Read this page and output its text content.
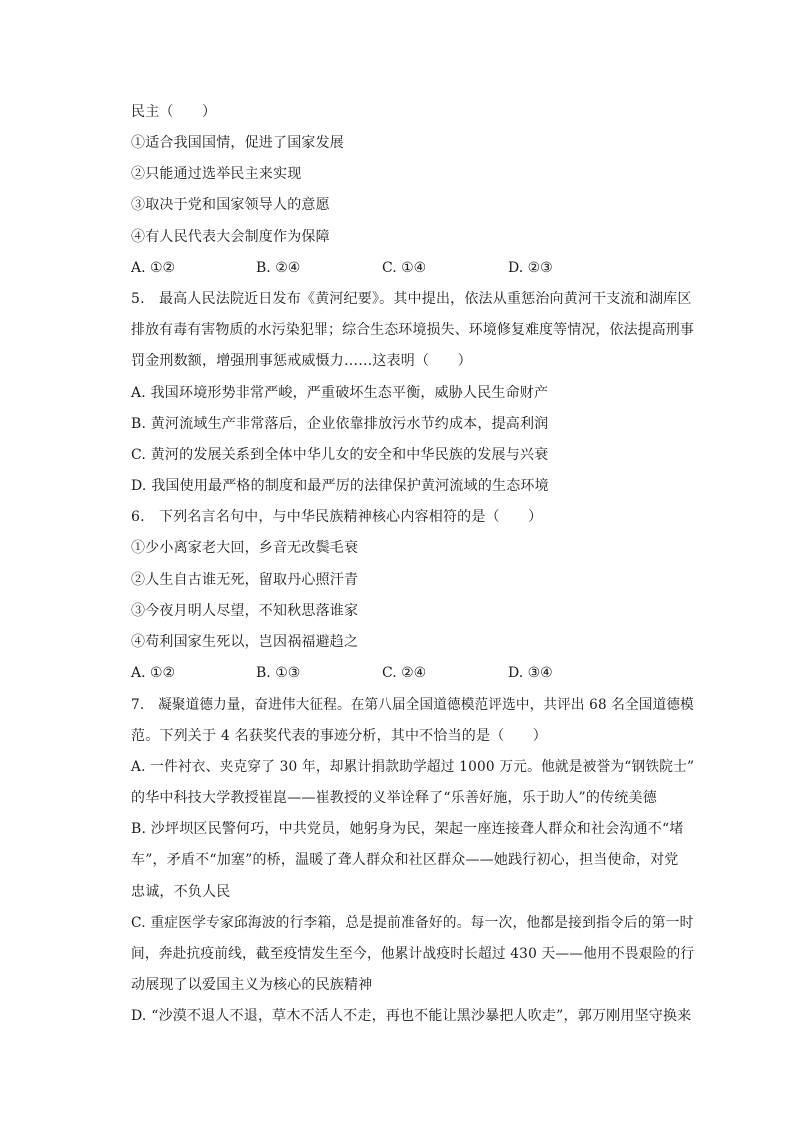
民主（　　）
①适合我国国情，促进了国家发展
②只能通过选举民主来实现
③取决于党和国家领导人的意愿
④有人民代表大会制度作为保障
A. ①②	B. ②④	C. ①④	D. ②③
5.　最高人民法院近日发布《黄河纪要》。其中提出，依法从重惩治向黄河干支流和湖库区
排放有毒有害物质的水污染犯罪；综合生态环境损失、环境修复难度等情况，依法提高刑事
罚金刑数额，增强刑事惩戒威慑力……这表明（　　）
A. 我国环境形势非常严峻，严重破坏生态平衡，威胁人民生命财产
B. 黄河流域生产非常落后，企业依靠排放污水节约成本，提高利润
C. 黄河的发展关系到全体中华儿女的安全和中华民族的发展与兴衰
D. 我国使用最严格的制度和最严厉的法律保护黄河流域的生态环境
6.　下列名言名句中，与中华民族精神核心内容相符的是（　　）
①少小离家老大回，乡音无改鬓毛衰
②人生自古谁无死，留取丹心照汗青
③今夜月明人尽望，不知秋思落谁家
④苟利国家生死以，岂因祸福避趋之
A. ①②	B. ①③	C. ②④	D. ③④
7.　凝聚道德力量，奋进伟大征程。在第八届全国道德模范评选中，共评出 68 名全国道德模
范。下列关于 4 名获奖代表的事迹分析，其中不恰当的是（　　）
A. 一件衬衣、夹克穿了 30 年，却累计捐款助学超过 1000 万元。他就是被誉为“钢铁院士”
的华中科技大学教授崔崑——崔教授的义举诠释了“乐善好施，乐于助人”的传统美德
B. 沙坪坝区民警何巧，中共党员，她躬身为民，架起一座连接聋人群众和社会沟通不“堵
车”，矛盾不“加塞”的桥，温暖了聋人群众和社区群众——她践行初心，担当使命，对党
忠诚，不负人民
C. 重症医学专家邱海波的行李箱，总是提前准备好的。每一次，他都是接到指令后的第一时
间，奔赴抗疫前线，截至疫情发生至今，他累计战疫时长超过 430 天——他用不畏艰险的行
动展现了以爱国主义为核心的民族精神
D. “沙漠不退人不退，草木不活人不走，再也不能让黑沙暴把人吹走”，郭万刚用坚守换来
